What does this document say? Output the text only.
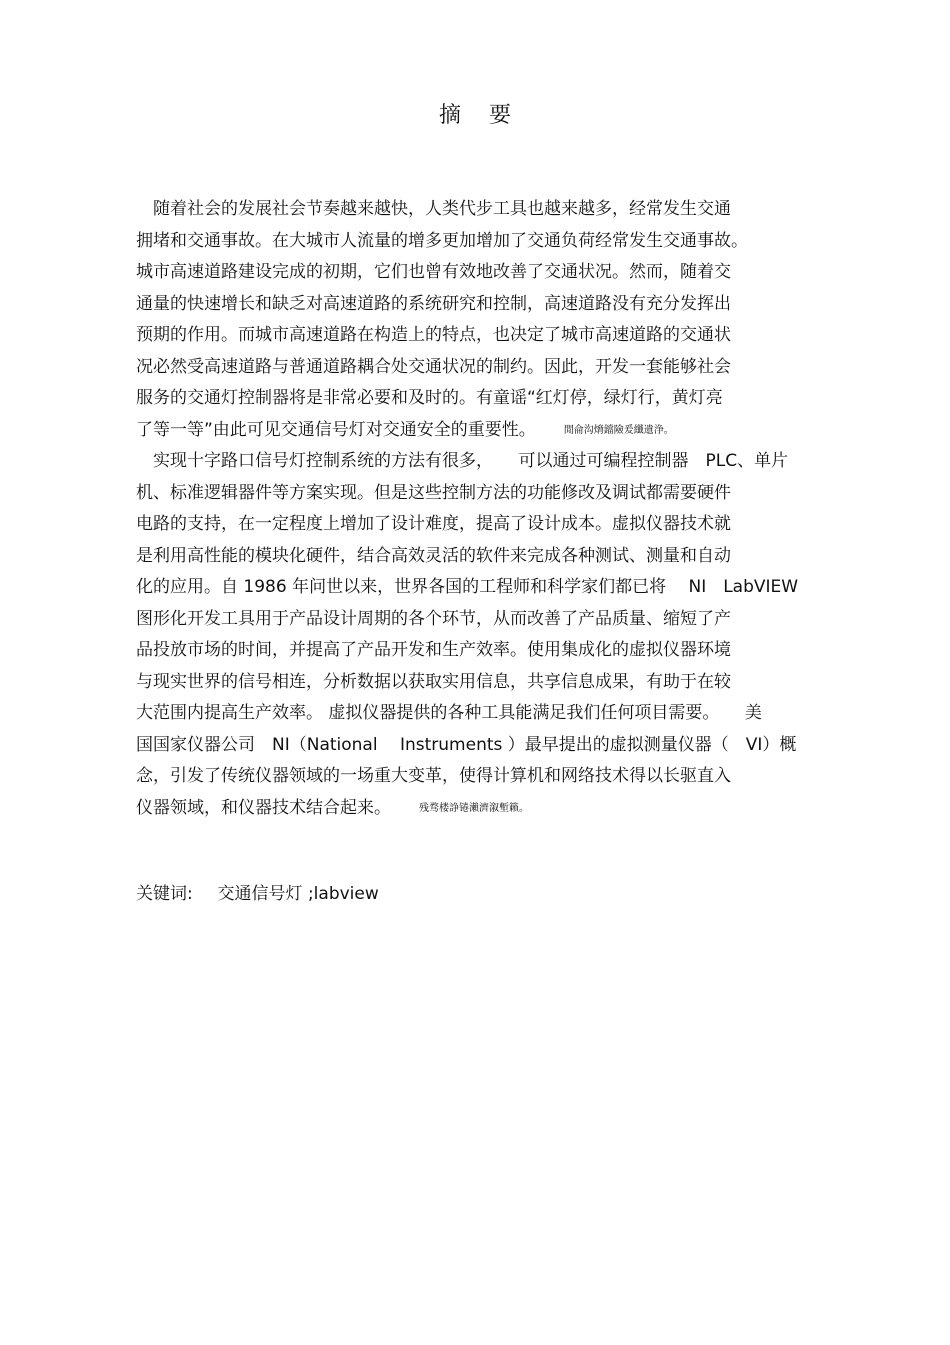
摘 要
　随着社会的发展社会节奏越来越快，人类代步工具也越来越多，经常发生交通
拥堵和交通事故。在大城市人流量的增多更加增加了交通负荷经常发生交通事故。
城市高速道路建设完成的初期，它们也曾有效地改善了交通状况。然而，随着交
通量的快速增长和缺乏对高速道路的系统研究和控制，高速道路没有充分发挥出
预期的作用。而城市高速道路在构造上的特点，也决定了城市高速道路的交通状
况必然受高速道路与普通道路耦合处交通状况的制约。因此，开发一套能够社会
服务的交通灯控制器将是非常必要和及时的。有童谣“红灯停，绿灯行，黄灯亮
了等一等”由此可见交通信号灯对交通安全的重要性。	閒侖沟熁鐺險爰纖遺浄。
　实现十字路口信号灯控制系统的方法有很多，　　可以通过可编程控制器　PLC、单片
机、标准逻辑器件等方案实现。但是这些控制方法的功能修改及调试都需要硬件
电路的支持，在一定程度上增加了设计难度，提高了设计成本。虚拟仪器技术就
是利用高性能的模块化硬件，结合高效灵活的软件来完成各种测试、测量和自动
化的应用。自 1986 年问世以来，世界各国的工程师和科学家们都已将　 NI　LabVIEW
图形化开发工具用于产品设计周期的各个环节，从而改善了产品质量、缩短了产
品投放市场的时间，并提高了产品开发和生产效率。使用集成化的虚拟仪器环境
与现实世界的信号相连，分析数据以获取实用信息，共享信息成果，有助于在较
大范围内提高生产效率。 虚拟仪器提供的各种工具能满足我们任何项目需要。　　美
国国家仪器公司　NI（National　 Instruments ）最早提出的虚拟测量仪器（　VI）概
念，引发了传统仪器领域的一场重大变革，使得计算机和网络技术得以长驱直入
仪器领域，和仪器技术结合起来。	残骛楼諍锩瀨濟溆塹籟。
关键词: 交通信号灯 ;labview
